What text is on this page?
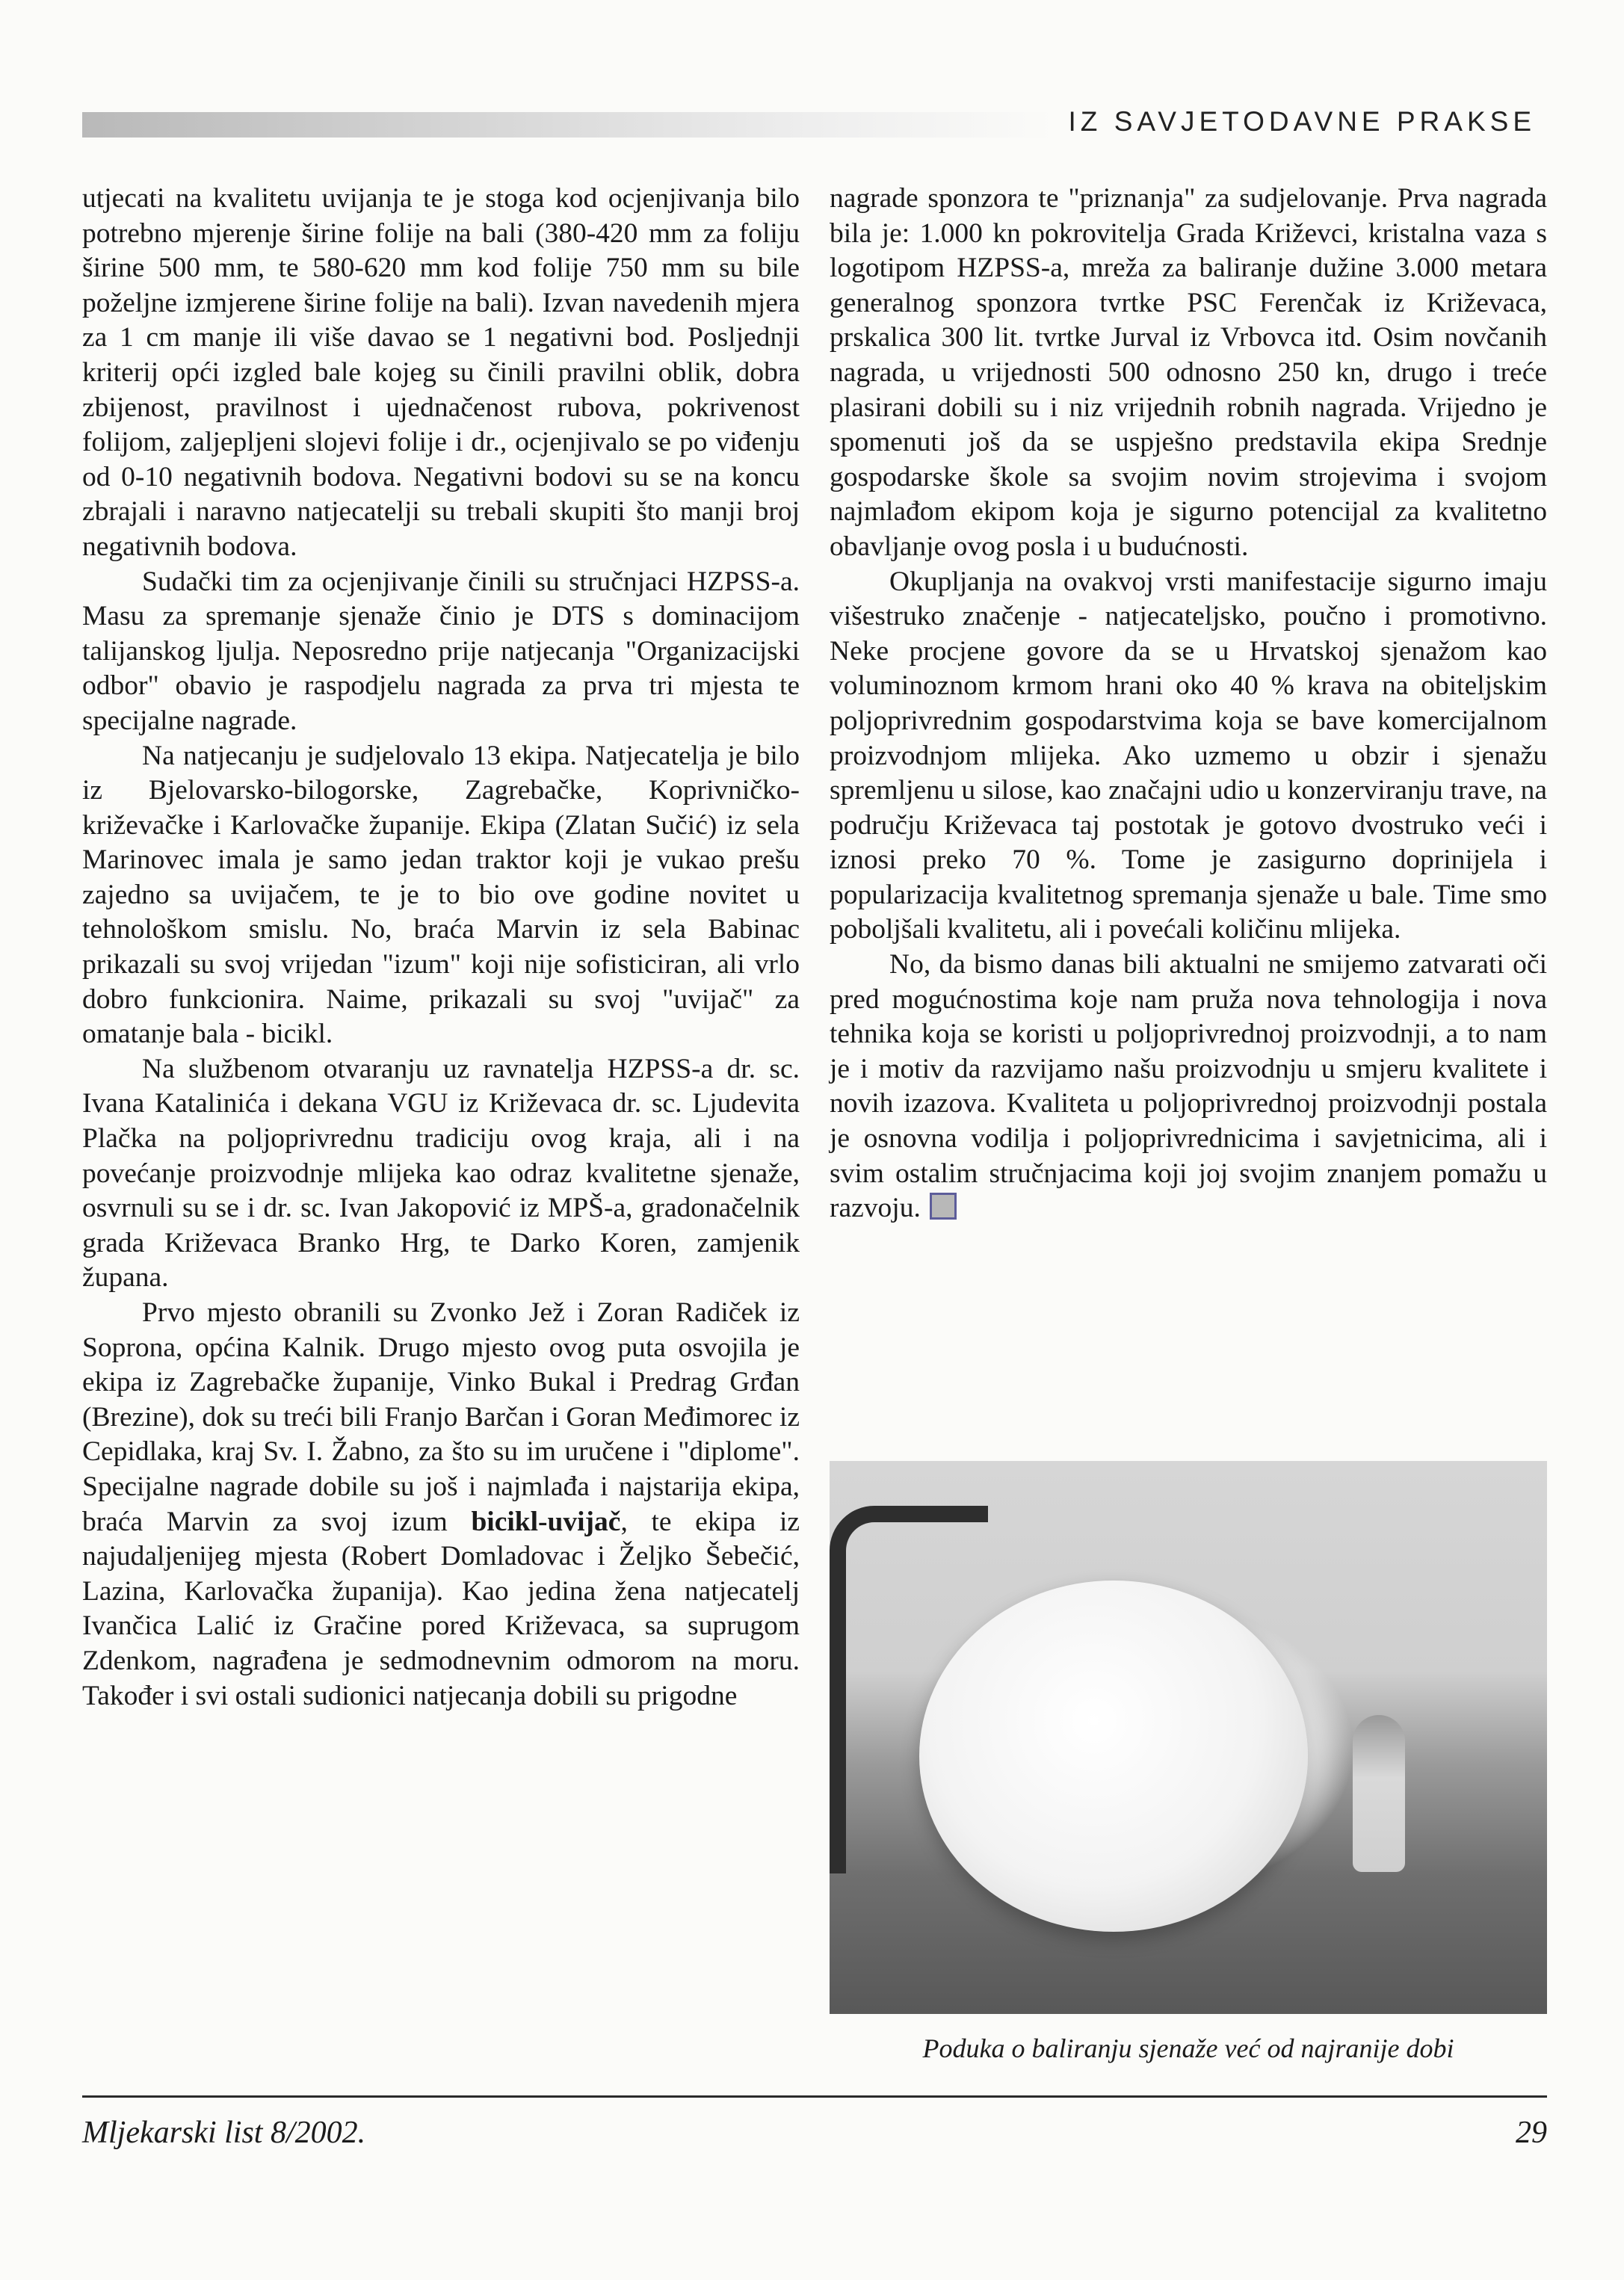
IZ SAVJETODAVNE PRAKSE

utjecati na kvalitetu uvijanja te je stoga kod ocjenjivanja bilo potrebno mjerenje širine folije na bali (380-420 mm za foliju širine 500 mm, te 580-620 mm kod folije 750 mm su bile poželjne izmjerene širine folije na bali). Izvan navedenih mjera za 1 cm manje ili više davao se 1 negativni bod. Posljednji kriterij opći izgled bale kojeg su činili pravilni oblik, dobra zbijenost, pravilnost i ujednačenost rubova, pokrivenost folijom, zaljepljeni slojevi folije i dr., ocjenjivalo se po viđenju od 0-10 negativnih bodova. Negativni bodovi su se na koncu zbrajali i naravno natjecatelji su trebali skupiti što manji broj negativnih bodova.

Sudački tim za ocjenjivanje činili su stručnjaci HZPSS-a. Masu za spremanje sjenaže činio je DTS s dominacijom talijanskog ljulja. Neposredno prije natjecanja "Organizacijski odbor" obavio je raspodjelu nagrada za prva tri mjesta te specijalne nagrade.

Na natjecanju je sudjelovalo 13 ekipa. Natjecatelja je bilo iz Bjelovarsko-bilogorske, Zagrebačke, Koprivničko-križevačke i Karlovačke županije. Ekipa (Zlatan Sučić) iz sela Marinovec imala je samo jedan traktor koji je vukao prešu zajedno sa uvijačem, te je to bio ove godine novitet u tehnološkom smislu. No, braća Marvin iz sela Babinac prikazali su svoj vrijedan "izum" koji nije sofisticiran, ali vrlo dobro funkcionira. Naime, prikazali su svoj "uvijač" za omatanje bala - bicikl.

Na službenom otvaranju uz ravnatelja HZPSS-a dr. sc. Ivana Katalinića i dekana VGU iz Križevaca dr. sc. Ljudevita Plačka na poljoprivrednu tradiciju ovog kraja, ali i na povećanje proizvodnje mlijeka kao odraz kvalitetne sjenaže, osvrnuli su se i dr. sc. Ivan Jakopović iz MPŠ-a, gradonačelnik grada Križevaca Branko Hrg, te Darko Koren, zamjenik župana.

Prvo mjesto obranili su Zvonko Jež i Zoran Radiček iz Soprona, općina Kalnik. Drugo mjesto ovog puta osvojila je ekipa iz Zagrebačke županije, Vinko Bukal i Predrag Grđan (Brezine), dok su treći bili Franjo Barčan i Goran Međimorec iz Cepidlaka, kraj Sv. I. Žabno, za što su im uručene i "diplome". Specijalne nagrade dobile su još i najmlađa i najstarija ekipa, braća Marvin za svoj izum bicikl-uvijač, te ekipa iz najudaljenijeg mjesta (Robert Domladovac i Željko Šebečić, Lazina, Karlovačka županija). Kao jedina žena natjecatelj Ivančica Lalić iz Gračine pored Križevaca, sa suprugom Zdenkom, nagrađena je sedmodnevnim odmorom na moru. Također i svi ostali sudionici natjecanja dobili su prigodne

nagrade sponzora te "priznanja" za sudjelovanje. Prva nagrada bila je: 1.000 kn pokrovitelja Grada Križevci, kristalna vaza s logotipom HZPSS-a, mreža za baliranje dužine 3.000 metara generalnog sponzora tvrtke PSC Ferenčak iz Križevaca, prskalica 300 lit. tvrtke Jurval iz Vrbovca itd. Osim novčanih nagrada, u vrijednosti 500 odnosno 250 kn, drugo i treće plasirani dobili su i niz vrijednih robnih nagrada. Vrijedno je spomenuti još da se uspješno predstavila ekipa Srednje gospodarske škole sa svojim novim strojevima i svojom najmlađom ekipom koja je sigurno potencijal za kvalitetno obavljanje ovog posla i u budućnosti.

Okupljanja na ovakvoj vrsti manifestacije sigurno imaju višestruko značenje - natjecateljsko, poučno i promotivno. Neke procjene govore da se u Hrvatskoj sjenažom kao voluminoznom krmom hrani oko 40 % krava na obiteljskim poljoprivrednim gospodarstvima koja se bave komercijalnom proizvodnjom mlijeka. Ako uzmemo u obzir i sjenažu spremljenu u silose, kao značajni udio u konzerviranju trave, na području Križevaca taj postotak je gotovo dvostruko veći i iznosi preko 70 %. Tome je zasigurno doprinijela i popularizacija kvalitetnog spremanja sjenaže u bale. Time smo poboljšali kvalitetu, ali i povećali količinu mlijeka.

No, da bismo danas bili aktualni ne smijemo zatvarati oči pred mogućnostima koje nam pruža nova tehnologija i nova tehnika koja se koristi u poljoprivrednoj proizvodnji, a to nam je i motiv da razvijamo našu proizvodnju u smjeru kvalitete i novih izazova. Kvaliteta u poljoprivrednoj proizvodnji postala je osnovna vodilja i poljoprivrednicima i savjetnicima, ali i svim ostalim stručnjacima koji joj svojim znanjem pomažu u razvoju.

Poduka o baliranju sjenaže već od najranije dobi
Mljekarski list 8/2002.	29
